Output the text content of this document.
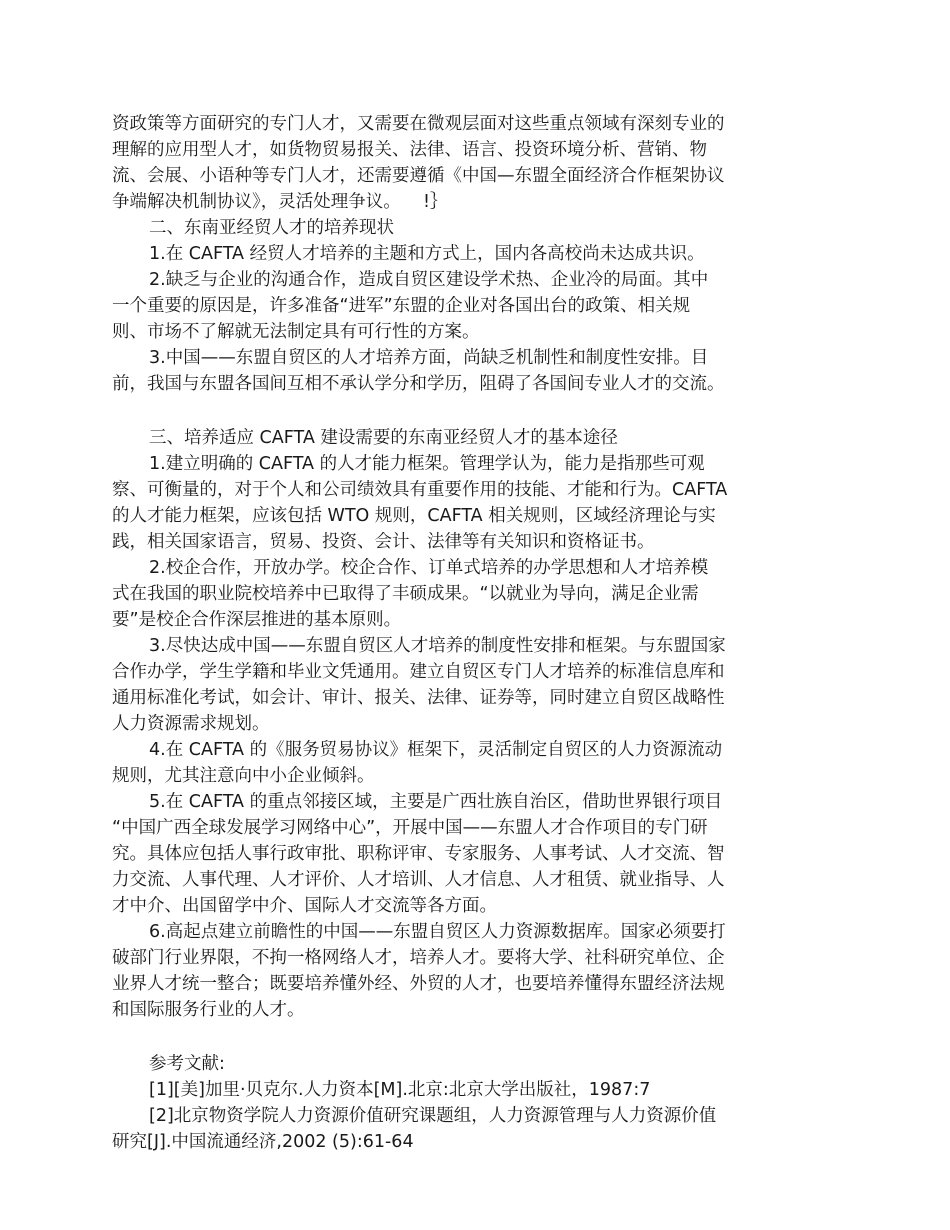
资政策等方面研究的专门人才，又需要在微观层面对这些重点领域有深刻专业的
理解的应用型人才，如货物贸易报关、法律、语言、投资环境分析、营销、物
流、会展、小语种等专门人才，还需要遵循《中国—东盟全面经济合作框架协议
争端解决机制协议》，灵活处理争议。    !｝
二、东南亚经贸人才的培养现状
1.在 CAFTA 经贸人才培养的主题和方式上，国内各高校尚未达成共识。
2.缺乏与企业的沟通合作，造成自贸区建设学术热、企业冷的局面。其中
一个重要的原因是，许多准备“进军”东盟的企业对各国出台的政策、相关规
则、市场不了解就无法制定具有可行性的方案。
3.中国——东盟自贸区的人才培养方面，尚缺乏机制性和制度性安排。目
前，我国与东盟各国间互相不承认学分和学历，阻碍了各国间专业人才的交流。
三、培养适应 CAFTA 建设需要的东南亚经贸人才的基本途径
1.建立明确的 CAFTA 的人才能力框架。管理学认为，能力是指那些可观
察、可衡量的，对于个人和公司绩效具有重要作用的技能、才能和行为。CAFTA
的人才能力框架，应该包括 WTO 规则，CAFTA 相关规则，区域经济理论与实
践，相关国家语言，贸易、投资、会计、法律等有关知识和资格证书。
2.校企合作，开放办学。校企合作、订单式培养的办学思想和人才培养模
式在我国的职业院校培养中已取得了丰硕成果。“以就业为导向，满足企业需
要”是校企合作深层推进的基本原则。
3.尽快达成中国——东盟自贸区人才培养的制度性安排和框架。与东盟国家
合作办学，学生学籍和毕业文凭通用。建立自贸区专门人才培养的标准信息库和
通用标准化考试，如会计、审计、报关、法律、证券等，同时建立自贸区战略性
人力资源需求规划。
4.在 CAFTA 的《服务贸易协议》框架下，灵活制定自贸区的人力资源流动
规则，尤其注意向中小企业倾斜。
5.在 CAFTA 的重点邻接区域，主要是广西壮族自治区，借助世界银行项目
“中国广西全球发展学习网络中心”，开展中国——东盟人才合作项目的专门研
究。具体应包括人事行政审批、职称评审、专家服务、人事考试、人才交流、智
力交流、人事代理、人才评价、人才培训、人才信息、人才租赁、就业指导、人
才中介、出国留学中介、国际人才交流等各方面。
6.高起点建立前瞻性的中国——东盟自贸区人力资源数据库。国家必须要打
破部门行业界限，不拘一格网络人才，培养人才。要将大学、社科研究单位、企
业界人才统一整合；既要培养懂外经、外贸的人才，也要培养懂得东盟经济法规
和国际服务行业的人才。
参考文献:
[1][美]加里·贝克尔.人力资本[M].北京:北京大学出版社，1987:7
[2]北京物资学院人力资源价值研究课题组，人力资源管理与人力资源价值
研究[J].中国流通经济,2002 (5):61-64
